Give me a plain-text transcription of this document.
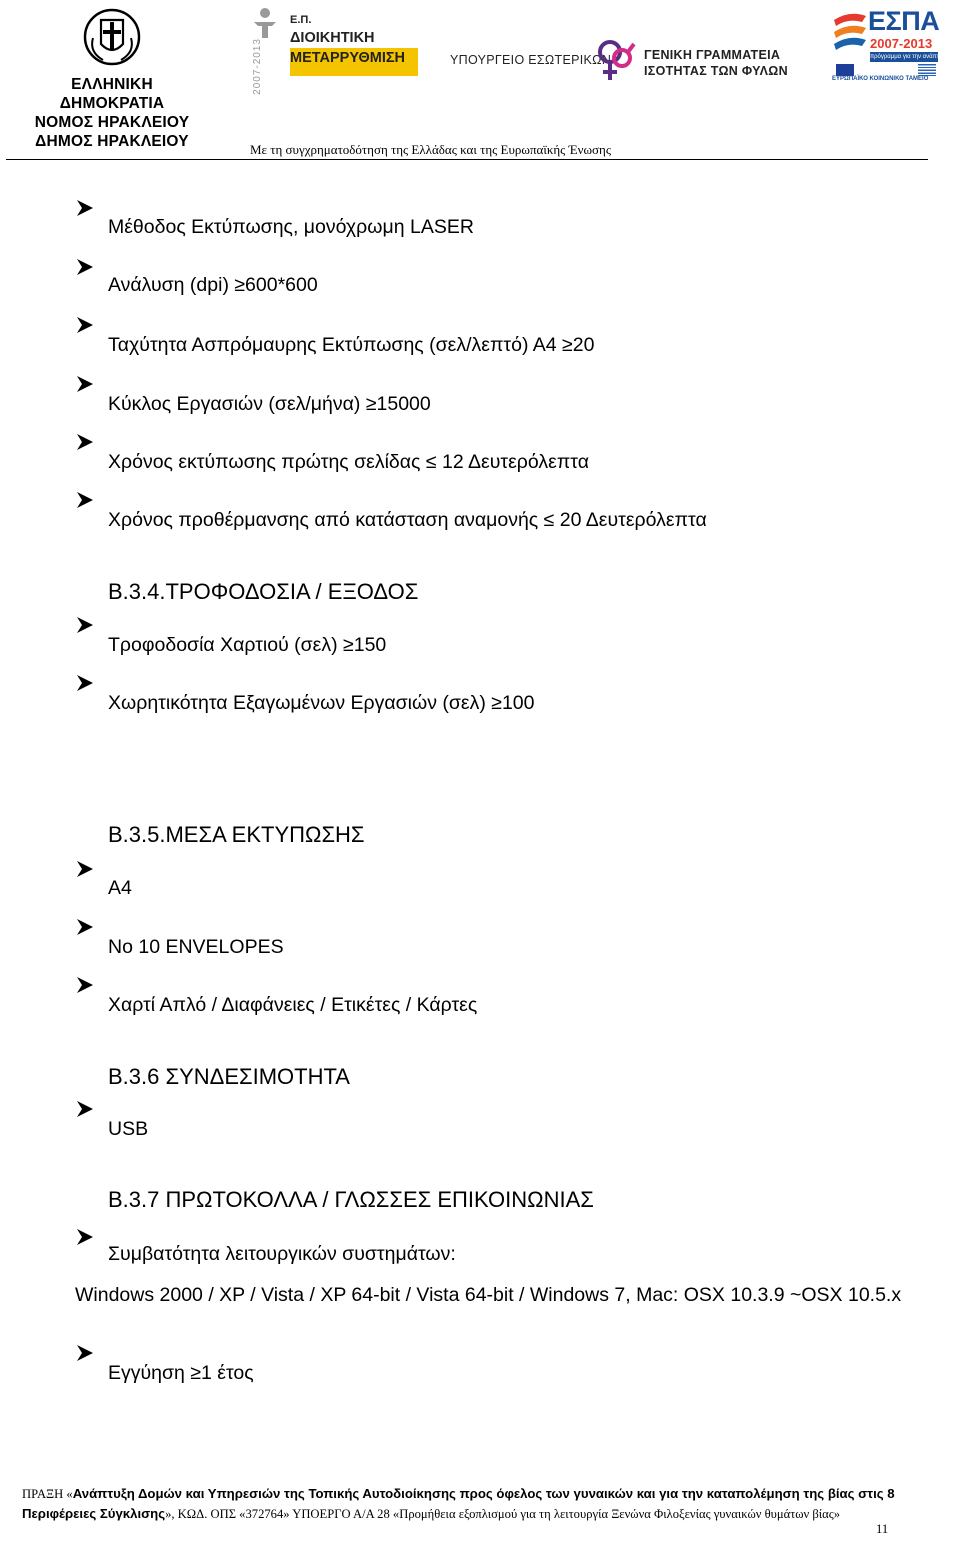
ΕΛΛΗΝΙΚΗ
ΔΗΜΟΚΡΑΤΙΑ
ΝΟΜΟΣ ΗΡΑΚΛΕΙΟΥ
ΔΗΜΟΣ ΗΡΑΚΛΕΙΟΥ
2007-2013
Ε.Π.
ΔΙΟΙΚΗΤΙΚΗ
ΜΕΤΑΡΡΥΘΜΙΣΗ	ΥΠΟΥΡΓΕΙΟ ΕΣΩΤΕΡΙΚΩΝ	ΓΕΝΙΚΗ ΓΡΑΜΜΑΤΕΙΑ
ΙΣΟΤΗΤΑΣ ΤΩΝ ΦΥΛΩΝ
ΕΣΠΑ
2007-2013
πρόγραμμα για την ανάπτυξη
ΕΥΡΩΠΑΪΚΟ ΚΟΙΝΩΝΙΚΟ ΤΑΜΕΙΟ
Με τη συγχρηματοδότηση της Ελλάδας και της Ευρωπαϊκής Ένωσης
Μέθοδος Εκτύπωσης, μονόχρωμη LASER
Ανάλυση (dpi) ≥600*600
Ταχύτητα Ασπρόμαυρης Εκτύπωσης (σελ/λεπτό) Α4 ≥20
Κύκλος Εργασιών (σελ/μήνα) ≥15000
Χρόνος εκτύπωσης πρώτης σελίδας ≤ 12 Δευτερόλεπτα
Χρόνος προθέρμανσης από κατάσταση αναμονής ≤ 20 Δευτερόλεπτα
Β.3.4.ΤΡΟΦΟΔΟΣΙΑ / ΕΞΟΔΟΣ
Τροφοδοσία Χαρτιού (σελ) ≥150
Χωρητικότητα Εξαγωμένων Εργασιών (σελ) ≥100
Β.3.5.ΜΕΣΑ ΕΚΤΥΠΩΣΗΣ
A4
No 10 ENVELOPES
Χαρτί Απλό / Διαφάνειες / Ετικέτες / Κάρτες
Β.3.6 ΣΥΝΔΕΣΙΜΟΤΗΤΑ
USB
Β.3.7 ΠΡΩΤΟΚΟΛΛΑ / ΓΛΩΣΣΕΣ ΕΠΙΚΟΙΝΩΝΙΑΣ
Συμβατότητα λειτουργικών συστημάτων:
Windows 2000 / XP / Vista / XP 64-bit / Vista 64-bit / Windows 7, Mac: OSX 10.3.9 ~OSX 10.5.x
Εγγύηση ≥1 έτος
ΠΡΑΞΗ «Ανάπτυξη Δομών και Υπηρεσιών της Τοπικής Αυτοδιοίκησης προς όφελος των γυναικών και για την καταπολέμηση της βίας στις 8 Περιφέρειες Σύγκλισης», ΚΩΔ. ΟΠΣ «372764» ΥΠΟΕΡΓΟ Α/Α 28 «Προμήθεια εξοπλισμού για τη λειτουργία Ξενώνα Φιλοξενίας γυναικών θυμάτων βίας»
11
